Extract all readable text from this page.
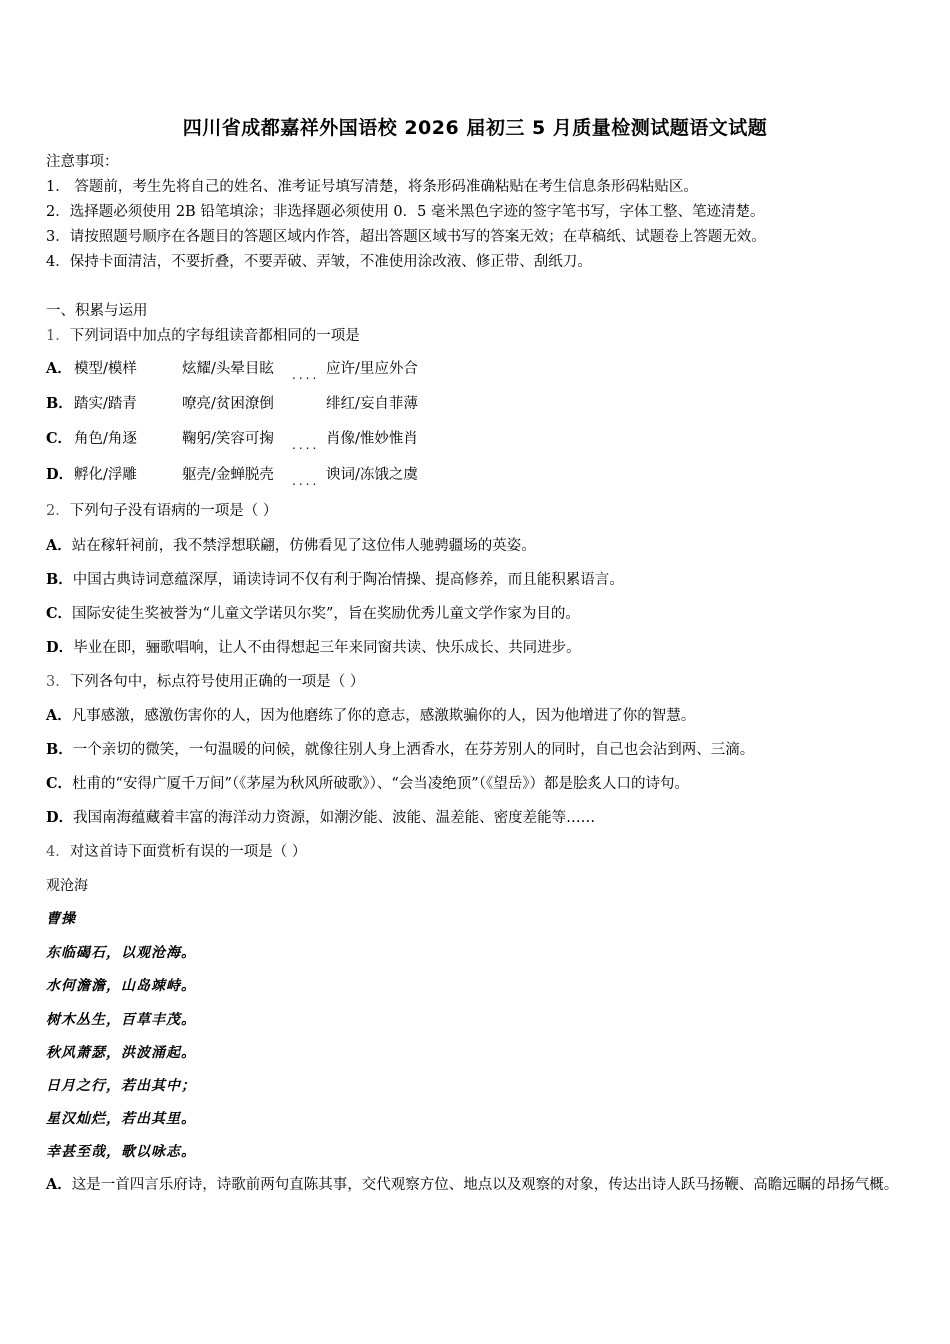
四川省成都嘉祥外国语校 2026 届初三 5 月质量检测试题语文试题
注意事项：
1． 答题前，考生先将自己的姓名、准考证号填写清楚，将条形码准确粘贴在考生信息条形码粘贴区。
2．选择题必须使用 2B 铅笔填涂；非选择题必须使用 0．5 毫米黑色字迹的签字笔书写，字体工整、笔迹清楚。
3．请按照题号顺序在各题目的答题区域内作答，超出答题区域书写的答案无效；在草稿纸、试题卷上答题无效。
4．保持卡面清洁，不要折叠，不要弄破、弄皱，不准使用涂改液、修正带、刮纸刀。
一、积累与运用
1．下列词语中加点的字每组读音都相同的一项是
A． 模型/模样	炫耀/头晕目眩 .... 应许/里应外合
B． 踏实/踏青	嘹亮/贫困潦倒	绯红/妄自菲薄
C． 角色/角逐	鞠躬/笑容可掬 .... 肖像/惟妙惟肖
D． 孵化/浮雕	躯壳/金蝉脱壳 .... 谀词/冻饿之虞
2．下列句子没有语病的一项是（ ）
A．站在稼轩祠前，我不禁浮想联翩，仿佛看见了这位伟人驰骋疆场的英姿。
B．中国古典诗词意蕴深厚，诵读诗词不仅有利于陶冶情操、提高修养，而且能积累语言。
C．国际安徒生奖被誉为“儿童文学诺贝尔奖”，旨在奖励优秀儿童文学作家为目的。
D．毕业在即，骊歌唱响，让人不由得想起三年来同窗共读、快乐成长、共同进步。
3．下列各句中，标点符号使用正确的一项是（ ）
A．凡事感激，感激伤害你的人，因为他磨练了你的意志，感激欺骗你的人，因为他增进了你的智慧。
B．一个亲切的微笑，一句温暖的问候，就像往别人身上洒香水，在芬芳别人的同时，自己也会沾到两、三滴。
C．杜甫的“安得广厦千万间”（《茅屋为秋风所破歌》）、“会当凌绝顶”（《望岳》）都是脍炙人口的诗句。
D．我国南海蕴藏着丰富的海洋动力资源，如潮汐能、波能、温差能、密度差能等……
4．对这首诗下面赏析有误的一项是（ ）
观沧海
曹操
东临碣石，以观沧海。
水何澹澹，山岛竦峙。
树木丛生，百草丰茂。
秋风萧瑟，洪波涌起。
日月之行，若出其中；
星汉灿烂，若出其里。
幸甚至哉，歌以咏志。
A．这是一首四言乐府诗，诗歌前两句直陈其事，交代观察方位、地点以及观察的对象，传达出诗人跃马扬鞭、高瞻远瞩的昂扬气概。
